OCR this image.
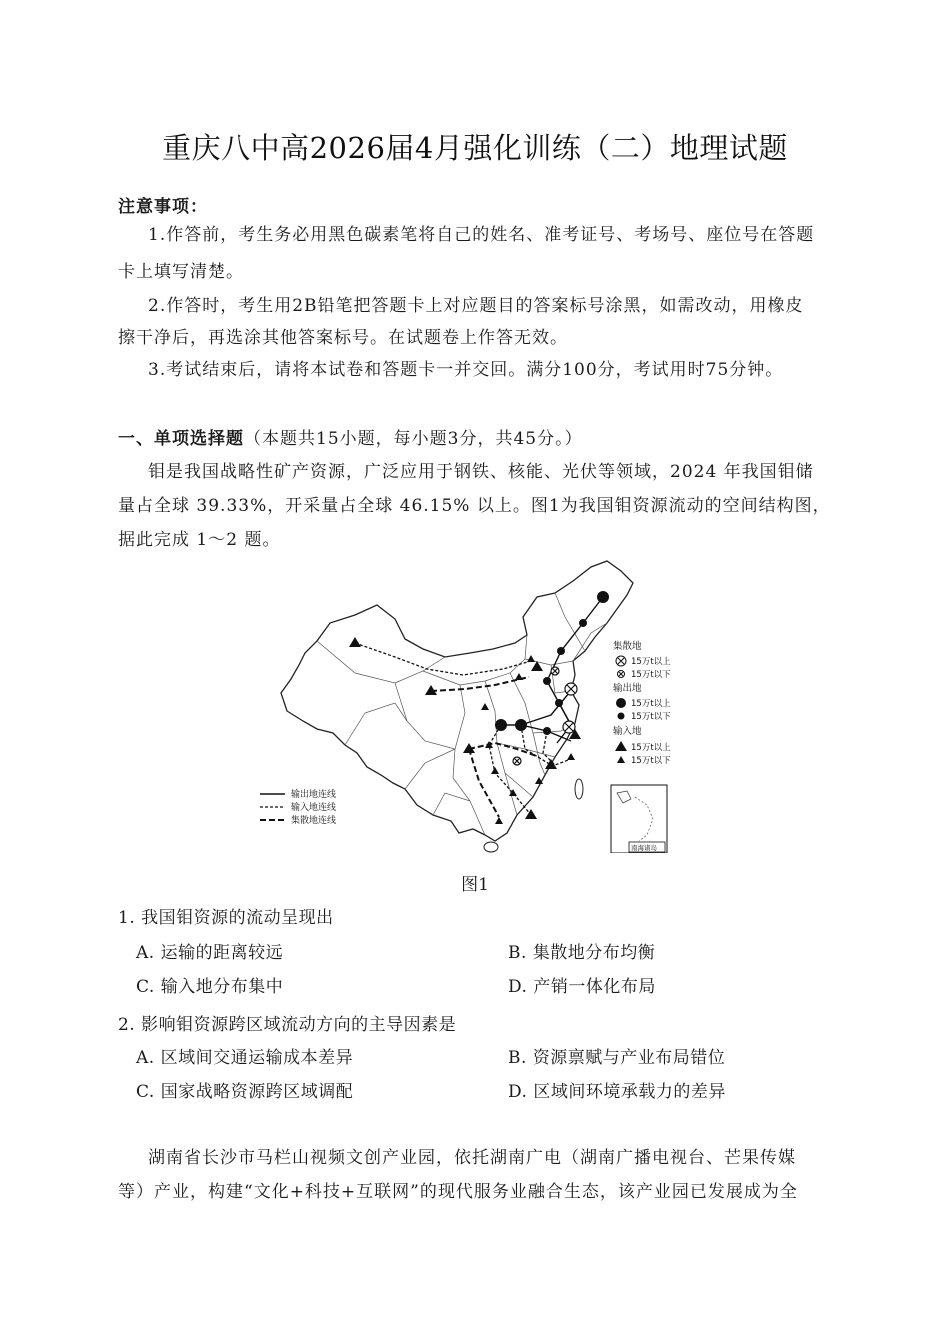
重庆八中高2026届4月强化训练（二）地理试题
注意事项：
1.作答前，考生务必用黑色碳素笔将自己的姓名、准考证号、考场号、座位号在答题
卡上填写清楚。
2.作答时，考生用2B铅笔把答题卡上对应题目的答案标号涂黑，如需改动，用橡皮
擦干净后，再选涂其他答案标号。在试题卷上作答无效。
3.考试结束后，请将本试卷和答题卡一并交回。满分100分，考试用时75分钟。
一、单项选择题（本题共15小题，每小题3分，共45分。）
钼是我国战略性矿产资源，广泛应用于钢铁、核能、光伏等领域，2024 年我国钼储
量占全球 39.33%，开采量占全球 46.15% 以上。图1为我国钼资源流动的空间结构图，
据此完成 1～2 题。
集散地
15万t以上
15万t以下
输出地
15万t以上
15万t以下
输入地
15万t以上
15万t以下
输出地连线
输入地连线
集散地连线
南海诸岛
图1
1. 我国钼资源的流动呈现出
A. 运输的距离较远	B. 集散地分布均衡
C. 输入地分布集中	D. 产销一体化布局
2. 影响钼资源跨区域流动方向的主导因素是
A. 区域间交通运输成本差异	B. 资源禀赋与产业布局错位
C. 国家战略资源跨区域调配	D. 区域间环境承载力的差异
湖南省长沙市马栏山视频文创产业园，依托湖南广电（湖南广播电视台、芒果传媒
等）产业，构建“文化+科技+互联网”的现代服务业融合生态，该产业园已发展成为全
